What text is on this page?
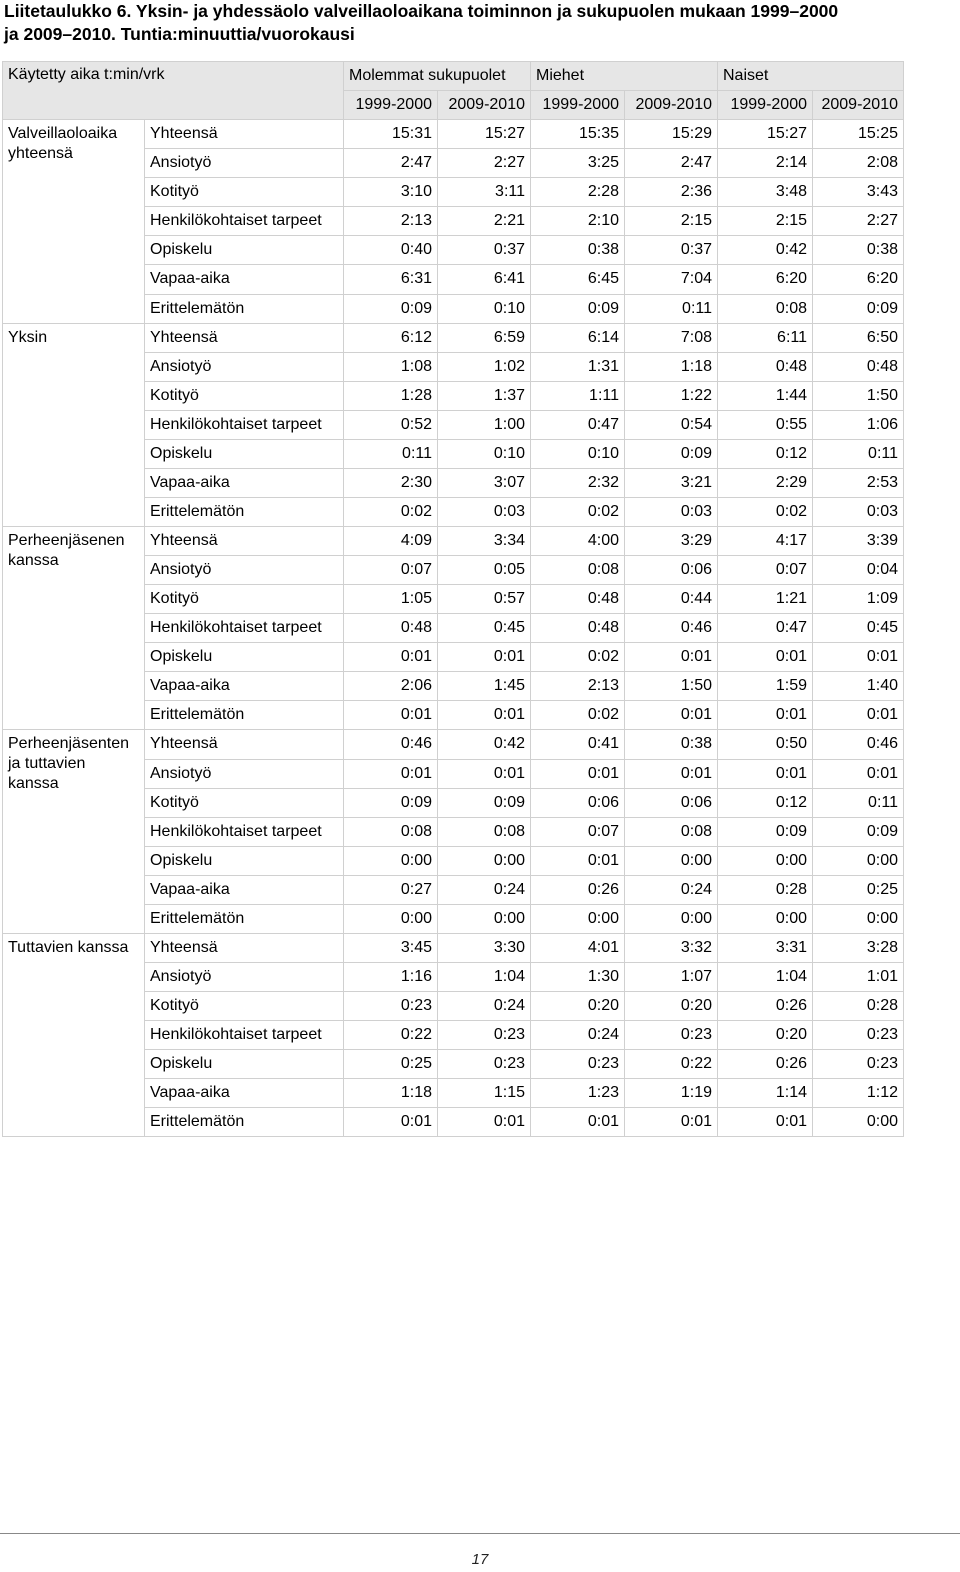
Liitetaulukko 6. Yksin- ja yhdessäolo valveillaoloaikana toiminnon ja sukupuolen mukaan 1999–2000
ja 2009–2010. Tuntia:minuuttia/vuorokausi
Käytetty aika t:min/vrk		Molemmat sukupuolet		Miehet		Naiset	
		1999-2000	2009-2010	1999-2000	2009-2010	1999-2000	2009-2010
Valveillaoloaika yhteensä	Yhteensä	15:31	15:27	15:35	15:29	15:27	15:25
	Ansiotyö	2:47	2:27	3:25	2:47	2:14	2:08
	Kotityö	3:10	3:11	2:28	2:36	3:48	3:43
	Henkilökohtaiset tarpeet	2:13	2:21	2:10	2:15	2:15	2:27
	Opiskelu	0:40	0:37	0:38	0:37	0:42	0:38
	Vapaa-aika	6:31	6:41	6:45	7:04	6:20	6:20
	Erittelemätön	0:09	0:10	0:09	0:11	0:08	0:09
Yksin	Yhteensä	6:12	6:59	6:14	7:08	6:11	6:50
	Ansiotyö	1:08	1:02	1:31	1:18	0:48	0:48
	Kotityö	1:28	1:37	1:11	1:22	1:44	1:50
	Henkilökohtaiset tarpeet	0:52	1:00	0:47	0:54	0:55	1:06
	Opiskelu	0:11	0:10	0:10	0:09	0:12	0:11
	Vapaa-aika	2:30	3:07	2:32	3:21	2:29	2:53
	Erittelemätön	0:02	0:03	0:02	0:03	0:02	0:03
Perheenjäsenen kanssa	Yhteensä	4:09	3:34	4:00	3:29	4:17	3:39
	Ansiotyö	0:07	0:05	0:08	0:06	0:07	0:04
	Kotityö	1:05	0:57	0:48	0:44	1:21	1:09
	Henkilökohtaiset tarpeet	0:48	0:45	0:48	0:46	0:47	0:45
	Opiskelu	0:01	0:01	0:02	0:01	0:01	0:01
	Vapaa-aika	2:06	1:45	2:13	1:50	1:59	1:40
	Erittelemätön	0:01	0:01	0:02	0:01	0:01	0:01
Perheenjäsenten ja tuttavien kanssa	Yhteensä	0:46	0:42	0:41	0:38	0:50	0:46
	Ansiotyö	0:01	0:01	0:01	0:01	0:01	0:01
	Kotityö	0:09	0:09	0:06	0:06	0:12	0:11
	Henkilökohtaiset tarpeet	0:08	0:08	0:07	0:08	0:09	0:09
	Opiskelu	0:00	0:00	0:01	0:00	0:00	0:00
	Vapaa-aika	0:27	0:24	0:26	0:24	0:28	0:25
	Erittelemätön	0:00	0:00	0:00	0:00	0:00	0:00
Tuttavien kanssa	Yhteensä	3:45	3:30	4:01	3:32	3:31	3:28
	Ansiotyö	1:16	1:04	1:30	1:07	1:04	1:01
	Kotityö	0:23	0:24	0:20	0:20	0:26	0:28
	Henkilökohtaiset tarpeet	0:22	0:23	0:24	0:23	0:20	0:23
	Opiskelu	0:25	0:23	0:23	0:22	0:26	0:23
	Vapaa-aika	1:18	1:15	1:23	1:19	1:14	1:12
	Erittelemätön	0:01	0:01	0:01	0:01	0:01	0:00
17
